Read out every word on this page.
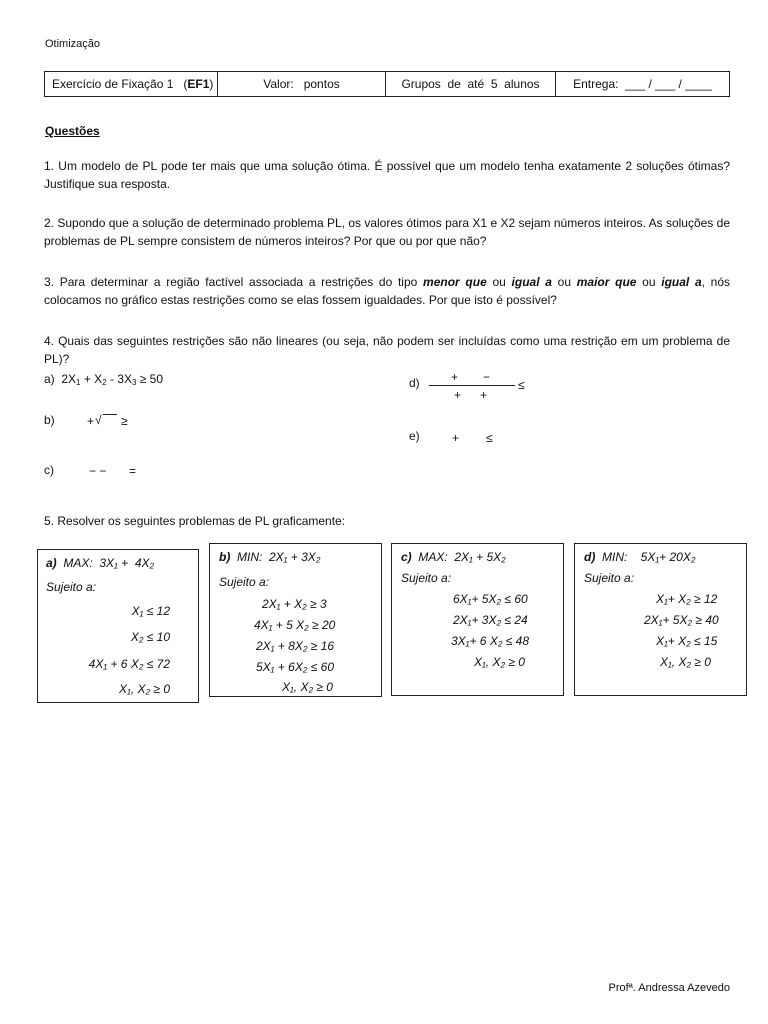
Otimização
Exercício de Fixação 1   ( EF1 )	Valor:   pontos	Grupos  de  até  5  alunos	Entrega:  ___ / ___ / ____
Questões
1. Um modelo de PL pode ter mais que uma solução ótima. É possível que um modelo tenha exatamente 2 soluções ótimas? Justifique sua resposta.
2. Supondo que a solução de determinado problema PL, os valores ótimos para X1 e X2 sejam números inteiros. As soluções de problemas de PL sempre consistem de números inteiros? Por que ou por que não?
3. Para determinar a região factível associada a restrições do tipo menor que ou igual a ou maior que ou igual a, nós colocamos no gráfico estas restrições como se elas fossem igualdades. Por que isto é possível?
4. Quais das seguintes restrições são não lineares (ou seja, não podem ser incluídas como uma restrição em um problema de PL)?
a)  $2X_1 + X_2 - 3X_3 \ge 50$
b)	+ √ ≥
c)	− − =
d)	+ −
+ +
≤
e)	+ ≤
5. Resolver os seguintes problemas de PL graficamente:
a) MAX:  3X₁ +  4X₂
Sujeito a:
X₁ ≤ 12
X₂ ≤ 10
4X₁ + 6 X₂ ≤ 72
X₁, X₂ ≥ 0
b) MIN:  2X₁ + 3X₂
Sujeito a:
2X₁ + X₂ ≥ 3
4X₁ + 5 X₂ ≥ 20
2X₁ + 8X₂ ≥ 16
5X₁ + 6X₂ ≤ 60
X₁, X₂ ≥ 0
c) MAX:  2X₁ + 5X₂
Sujeito a:
6X₁+ 5X₂ ≤ 60
2X₁+ 3X₂ ≤ 24
3X₁+ 6 X₂ ≤ 48
X₁, X₂ ≥ 0
d) MIN:    5X₁+ 20X₂
Sujeito a:
X₁+ X₂ ≥ 12
2X₁+ 5X₂ ≥ 40
X₁+ X₂ ≤ 15
X₁, X₂ ≥ 0
Profª. Andressa Azevedo
